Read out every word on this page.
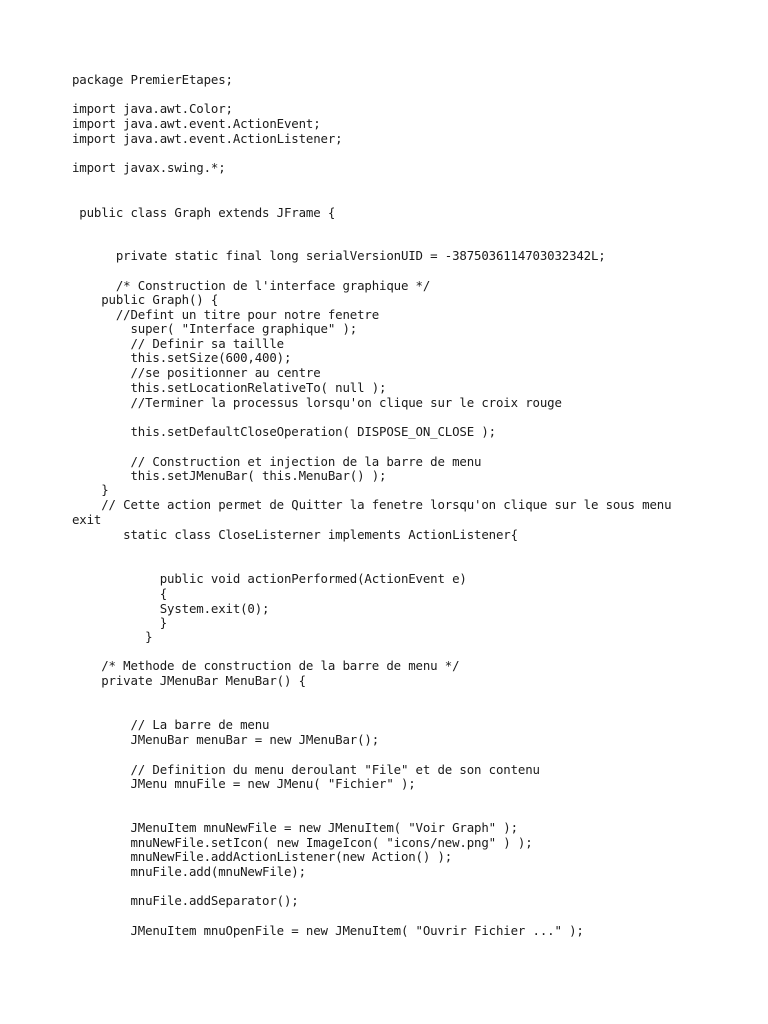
package PremierEtapes;
import java.awt.Color;
import java.awt.event.ActionEvent;
import java.awt.event.ActionListener;
import javax.swing.*;
public class Graph extends JFrame {
private static final long serialVersionUID = -3875036114703032342L;
/* Construction de l'interface graphique */
public Graph() {
//Defint un titre pour notre fenetre
super( "Interface graphique" );
// Definir sa taillle
this.setSize(600,400);
//se positionner au centre
this.setLocationRelativeTo( null );
//Terminer la processus lorsqu'on clique sur le croix rouge
this.setDefaultCloseOperation( DISPOSE_ON_CLOSE );
// Construction et injection de la barre de menu
this.setJMenuBar( this.MenuBar() );
}
// Cette action permet de Quitter la fenetre lorsqu'on clique sur le sous menu
exit
static class CloseListerner implements ActionListener{
public void actionPerformed(ActionEvent e)
{
System.exit(0);
}
}
/* Methode de construction de la barre de menu */
private JMenuBar MenuBar() {
// La barre de menu
JMenuBar menuBar = new JMenuBar();
// Definition du menu deroulant "File" et de son contenu
JMenu mnuFile = new JMenu( "Fichier" );
JMenuItem mnuNewFile = new JMenuItem( "Voir Graph" );
mnuNewFile.setIcon( new ImageIcon( "icons/new.png" ) );
mnuNewFile.addActionListener(new Action() );
mnuFile.add(mnuNewFile);
mnuFile.addSeparator();
JMenuItem mnuOpenFile = new JMenuItem( "Ouvrir Fichier ..." );
